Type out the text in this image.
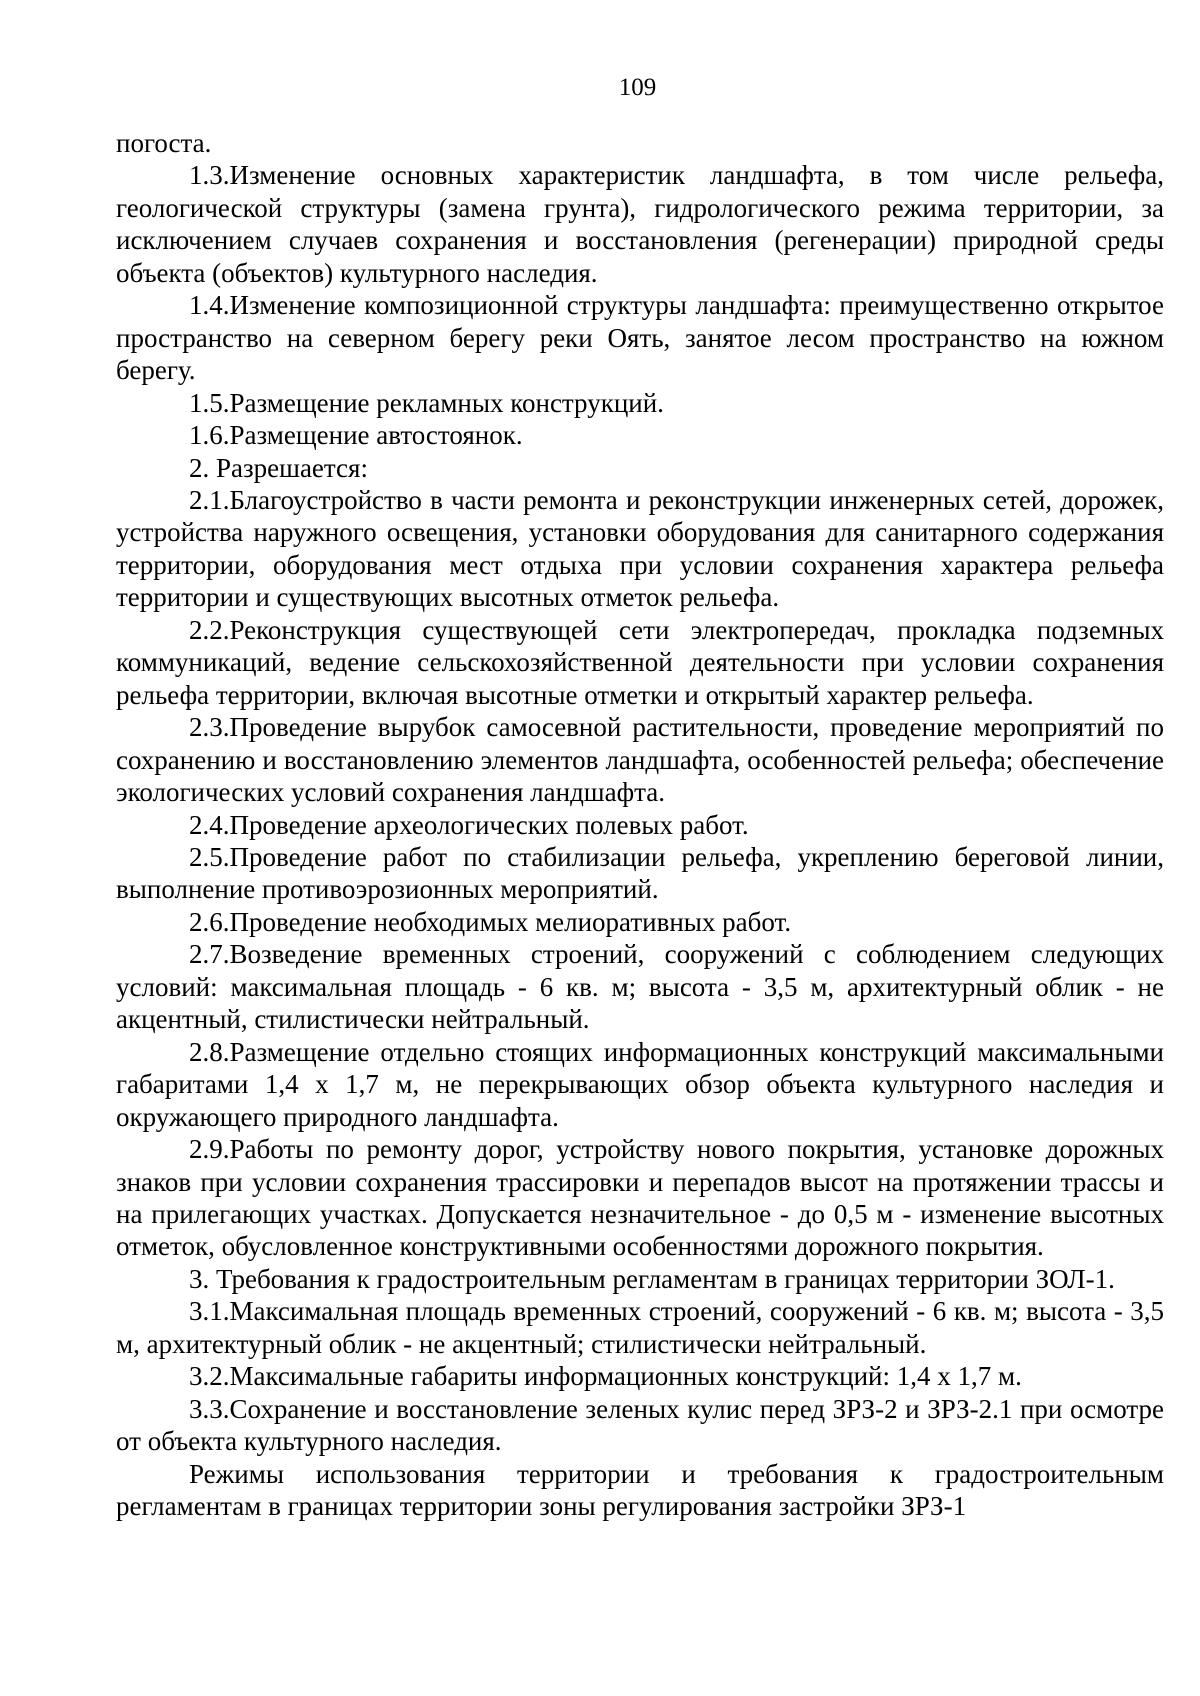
109

погоста.

1.3.Изменение основных характеристик ландшафта, в том числе рельефа, геологической структуры (замена грунта), гидрологического режима территории, за исключением случаев сохранения и восстановления (регенерации) природной среды объекта (объектов) культурного наследия.

1.4.Изменение композиционной структуры ландшафта: преимущественно открытое пространство на северном берегу реки Оять, занятое лесом пространство на южном берегу.

1.5.Размещение рекламных конструкций.

1.6.Размещение автостоянок.

2. Разрешается:

2.1.Благоустройство в части ремонта и реконструкции инженерных сетей, дорожек, устройства наружного освещения, установки оборудования для санитарного содержания территории, оборудования мест отдыха при условии сохранения характера рельефа территории и существующих высотных отметок рельефа.

2.2.Реконструкция существующей сети электропередач, прокладка подземных коммуникаций, ведение сельскохозяйственной деятельности при условии сохранения рельефа территории, включая высотные отметки и открытый характер рельефа.

2.3.Проведение вырубок самосевной растительности, проведение мероприятий по сохранению и восстановлению элементов ландшафта, особенностей рельефа; обеспечение экологических условий сохранения ландшафта.

2.4.Проведение археологических полевых работ.

2.5.Проведение работ по стабилизации рельефа, укреплению береговой линии, выполнение противоэрозионных мероприятий.

2.6.Проведение необходимых мелиоративных работ.

2.7.Возведение временных строений, сооружений с соблюдением следующих условий: максимальная площадь - 6 кв. м; высота - 3,5 м, архитектурный облик - не акцентный, стилистически нейтральный.

2.8.Размещение отдельно стоящих информационных конструкций максимальными габаритами 1,4 х 1,7 м, не перекрывающих обзор объекта культурного наследия и окружающего природного ландшафта.

2.9.Работы по ремонту дорог, устройству нового покрытия, установке дорожных знаков при условии сохранения трассировки и перепадов высот на протяжении трассы и на прилегающих участках. Допускается незначительное - до 0,5 м - изменение высотных отметок, обусловленное конструктивными особенностями дорожного покрытия.

3. Требования к градостроительным регламентам в границах территории ЗОЛ-1.

3.1.Максимальная площадь временных строений, сооружений - 6 кв. м; высота - 3,5 м, архитектурный облик - не акцентный; стилистически нейтральный.

3.2.Максимальные габариты информационных конструкций: 1,4 х 1,7 м.

3.3.Сохранение и восстановление зеленых кулис перед ЗРЗ-2 и ЗРЗ-2.1 при осмотре от объекта культурного наследия.

Режимы использования территории и требования к градостроительным регламентам в границах территории зоны регулирования застройки ЗРЗ-1
